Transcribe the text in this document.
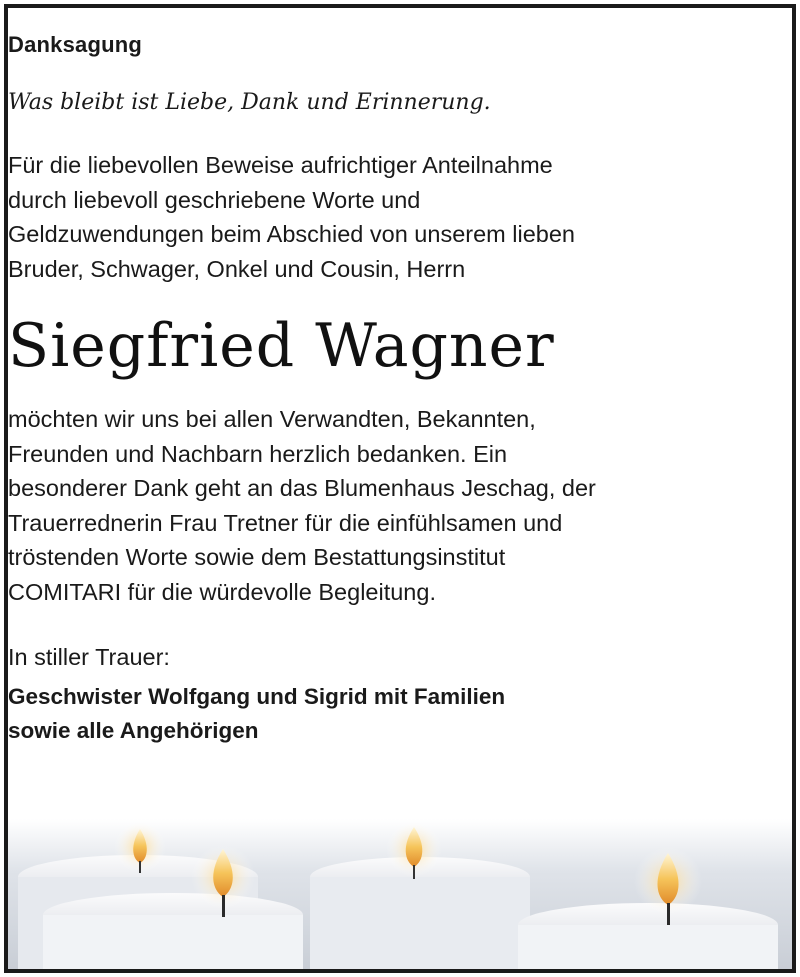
Danksagung
Was bleibt ist Liebe, Dank und Erinnerung.
Für die liebevollen Beweise aufrichtiger Anteilnahme
durch liebevoll geschriebene Worte und
Geldzuwendungen beim Abschied von unserem lieben
Bruder, Schwager, Onkel und Cousin, Herrn
Siegfried Wagner
möchten wir uns bei allen Verwandten, Bekannten,
Freunden und Nachbarn herzlich bedanken. Ein
besonderer Dank geht an das Blumenhaus Jeschag, der
Trauerrednerin Frau Tretner für die einfühlsamen und
tröstenden Worte sowie dem Bestattungsinstitut
COMITARI für die würdevolle Begleitung.
In stiller Trauer:
Geschwister Wolfgang und Sigrid mit Familien
sowie alle Angehörigen
